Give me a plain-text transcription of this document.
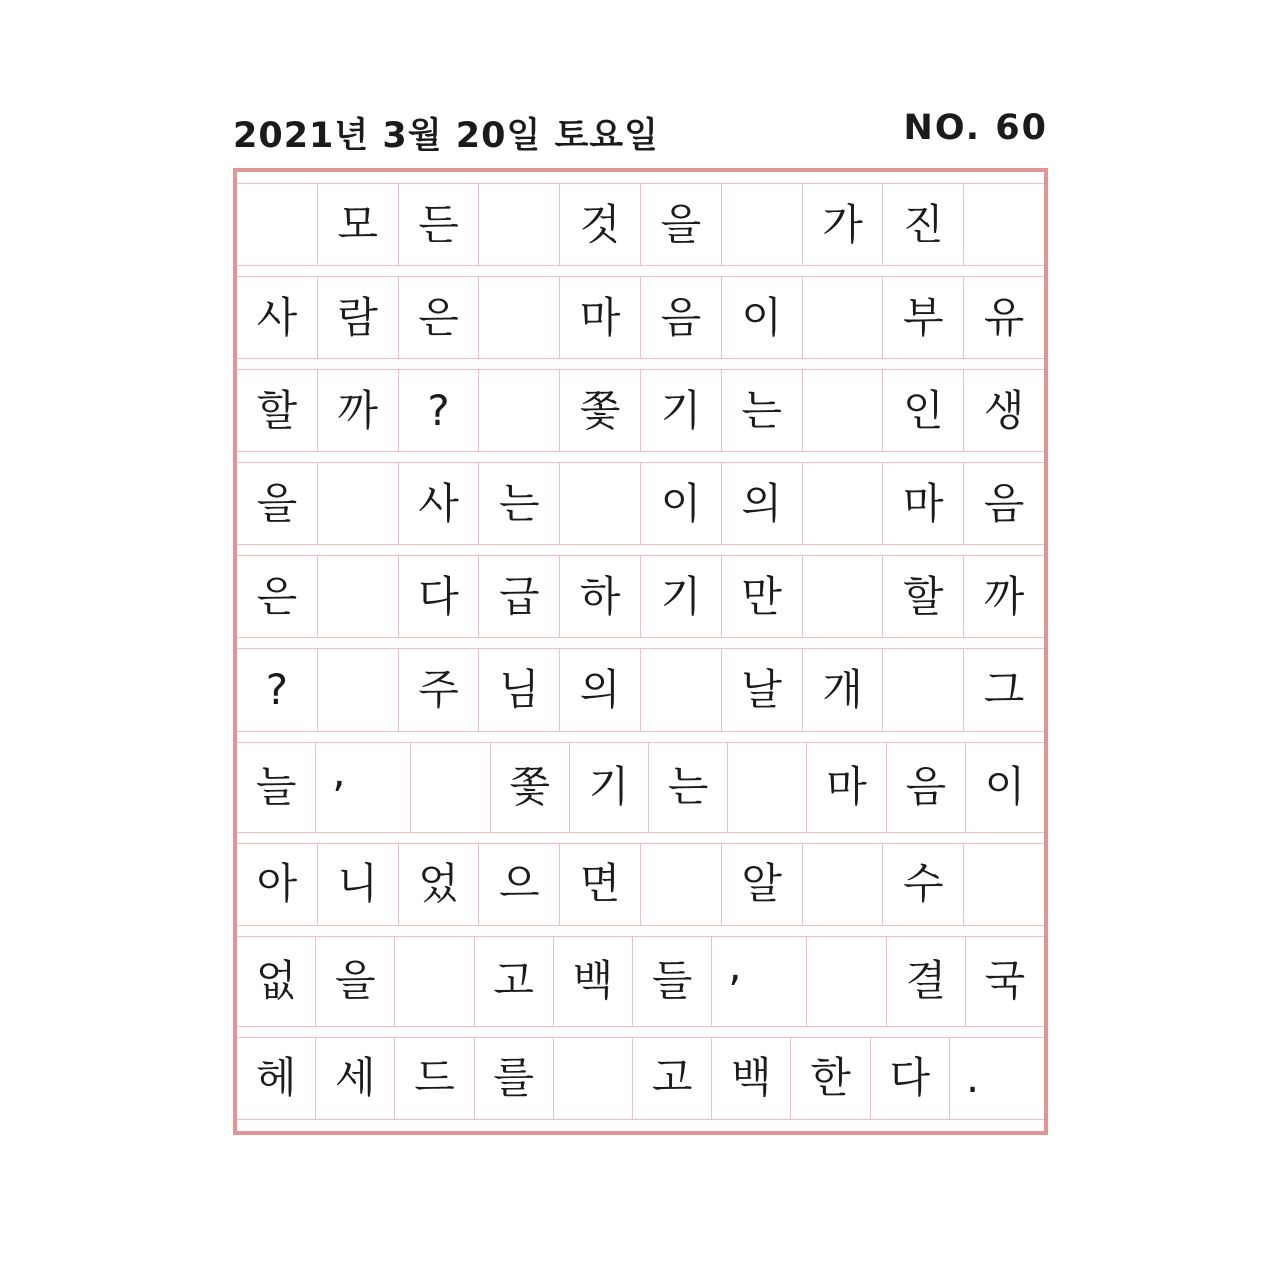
2021년 3월 20일 토요일	NO. 60
모 든	것 을	가 진
사 람 은	마 음 이	부 유
할 까	?	쫓 기 는	인 생
을	사 는	이 의	마 음
은	다 급 하 기 만	할 까
?	주 님 의	날 개	그
늘 ,	쫓 기 는	마 음 이
아 니 었 으 면	알	수
없 을	고 백 들 ,	결 국
헤 세 드 를	고 백 한 다 .
